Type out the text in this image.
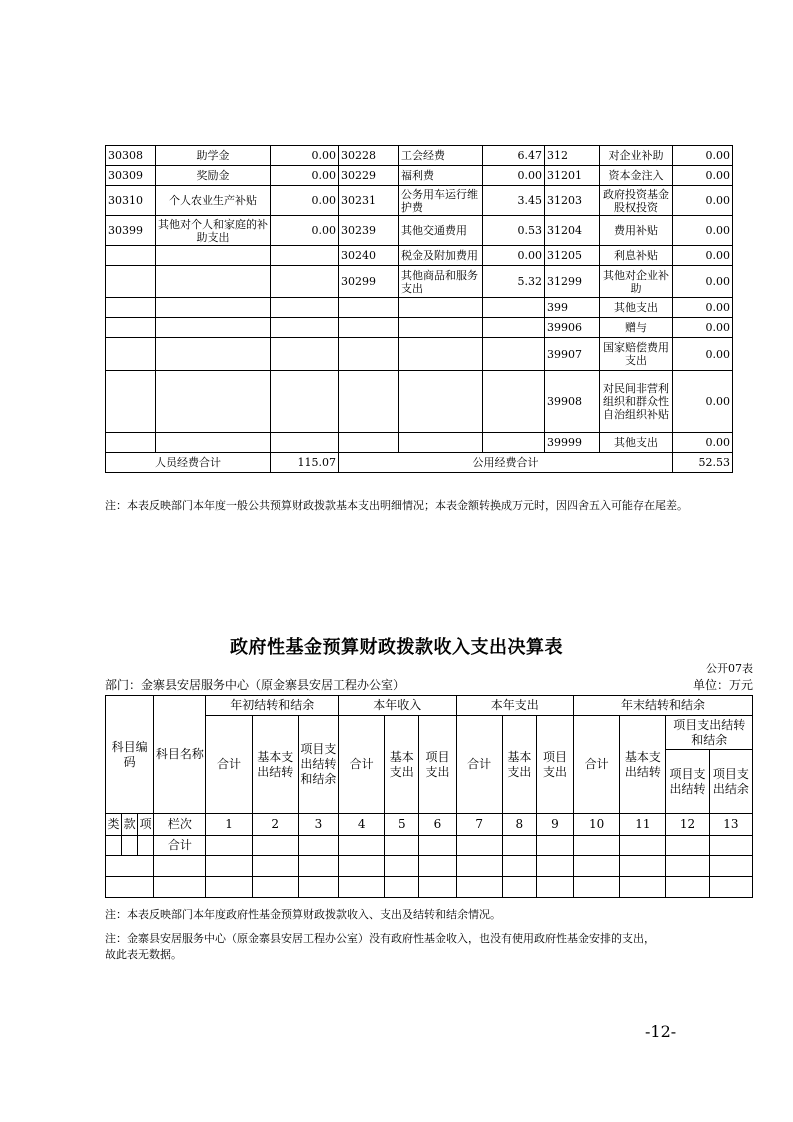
30308	助学金	0.00	30228	工会经费	6.47	312	对企业补助	0.00
30309	奖励金	0.00	30229	福利费	0.00	31201	资本金注入	0.00
30310	个人农业生产补贴	0.00	30231	公务用车运行维护费	3.45	31203	政府投资基金股权投资	0.00
30399	其他对个人和家庭的补助支出	0.00	30239	其他交通费用	0.53	31204	费用补贴	0.00
			30240	税金及附加费用	0.00	31205	利息补贴	0.00
			30299	其他商品和服务支出	5.32	31299	其他对企业补助	0.00
						399	其他支出	0.00
						39906	赠与	0.00
						39907	国家赔偿费用支出	0.00
						39908	对民间非营利组织和群众性自治组织补贴	0.00
						39999	其他支出	0.00
人员经费合计		115.07	公用经费合计					52.53
注：本表反映部门本年度一般公共预算财政拨款基本支出明细情况；本表金额转换成万元时，因四舍五入可能存在尾差。
政府性基金预算财政拨款收入支出决算表
公开07表
部门：金寨县安居服务中心（原金寨县安居工程办公室）	单位：万元
科目编码			科目名称	年初结转和结余			本年收入			本年支出			年末结转和结余			
				合计	基本支出结转	项目支出结转和结余	合计	基本支出	项目支出	合计	基本支出	项目支出	合计	基本支出结转	项目支出结转和结余	
															项目支出结转	项目支出结余
类	款	项	栏次	1	2	3	4	5	6	7	8	9	10	11	12	13
			合计													

注：本表反映部门本年度政府性基金预算财政拨款收入、支出及结转和结余情况。
注：金寨县安居服务中心（原金寨县安居工程办公室）没有政府性基金收入，也没有使用政府性基金安排的支出，
故此表无数据。
-12-
